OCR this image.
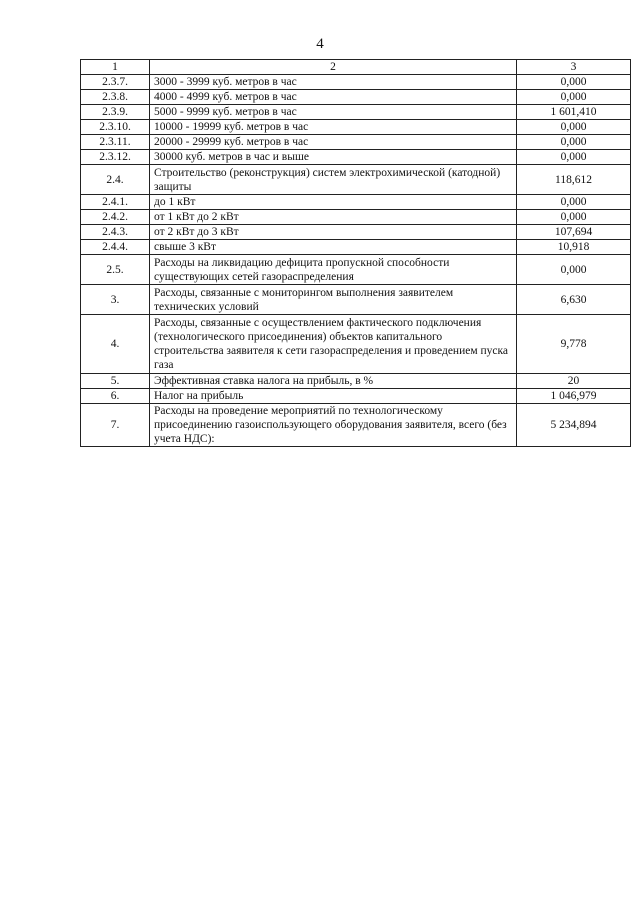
4
1	2	3
2.3.7.	3000 - 3999 куб. метров в час	0,000
2.3.8.	4000 - 4999 куб. метров в час	0,000
2.3.9.	5000 - 9999 куб. метров в час	1 601,410
2.3.10.	10000 - 19999 куб. метров в час	0,000
2.3.11.	20000 - 29999 куб. метров в час	0,000
2.3.12.	30000 куб. метров в час и выше	0,000
2.4.	Строительство (реконструкция) систем электрохимической (катодной) защиты	118,612
2.4.1.	до 1 кВт	0,000
2.4.2.	от 1 кВт до 2 кВт	0,000
2.4.3.	от 2 кВт до 3 кВт	107,694
2.4.4.	свыше 3 кВт	10,918
2.5.	Расходы на ликвидацию дефицита пропускной способности существующих сетей газораспределения	0,000
3.	Расходы, связанные с мониторингом выполнения заявителем технических условий	6,630
4.	Расходы, связанные с осуществлением фактического подключения (технологического присоединения) объектов капитального строительства заявителя к сети газораспределения и проведением пуска газа	9,778
5.	Эффективная ставка налога на прибыль, в %	20
6.	Налог на прибыль	1 046,979
7.	Расходы на проведение мероприятий по технологическому присоединению газоиспользующего оборудования заявителя, всего (без учета НДС):	5 234,894
